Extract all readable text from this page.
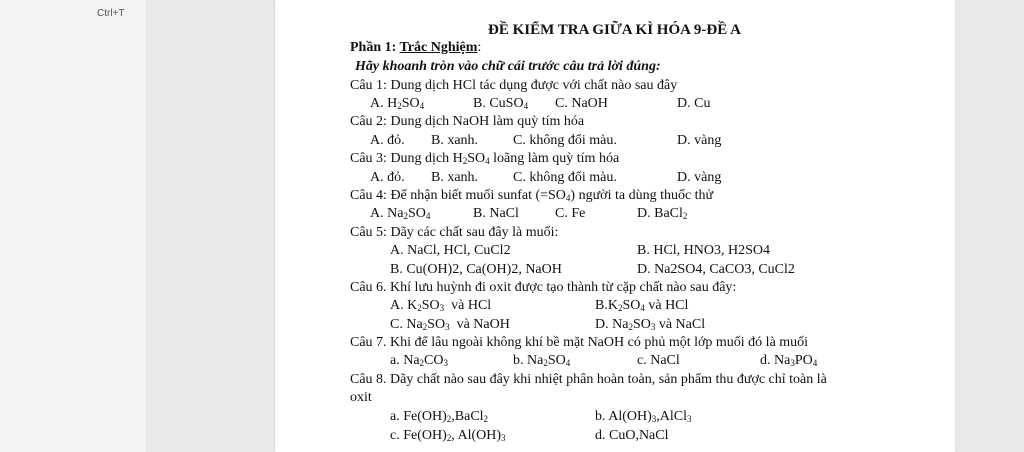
Ctrl+T
ĐỀ KIỂM TRA GIỮA KÌ HÓA 9-ĐỀ A
Phần 1: Trắc Nghiệm:
Hãy khoanh tròn vào chữ cái trước câu trả lời đúng:
Câu 1: Dung dịch HCl tác dụng được với chất nào sau đây
A. $H_2SO_4$	B. CuSO$_4$ C. NaOH	D. Cu
Câu 2: Dung dịch NaOH làm quỳ tím hóa
A. đỏ. B. xanh. C. không đổi màu.	D. vàng
Câu 3: Dung dịch $H_2SO_4$ loãng làm quỳ tím hóa
A. đỏ. B. xanh. C. không đổi màu.	D. vàng
Câu 4: Để nhận biết muối sunfat $(=SO_4)$ người ta dùng thuốc thử
A. $Na_2SO_4$	B. NaCl	C. Fe	D. BaCl$_2$
Câu 5: Dãy các chất sau đây là muối:
A. NaCl, HCl, CuCl2	B. HCl, HNO3, H2SO4
B. Cu(OH)2, Ca(OH)2, NaOH	D. Na2SO4, CaCO3, CuCl2
Câu 6. Khí lưu huỳnh đi oxit được tạo thành từ cặp chất nào sau đây:
A. $K_2SO_3$  và HCl	$B.K_2SO_4$ và HCl
C. $Na_2SO_3$  và NaOH	D. $Na_2SO_3$ và NaCl
Câu 7. Khi để lâu ngoài không khí bề mặt NaOH có phủ một lớp muối đó là muối
a. $Na_2CO_3$	b. $Na_2SO_4$	c. NaCl	d. $Na_3PO_4$
Câu 8. Dãy chất nào sau đây khi nhiệt phân hoàn toàn, sản phẩm thu được chỉ toàn là
oxit
a. $Fe(OH)_2,BaCl_2$	b. $Al(OH)_3,AlCl_3$
c. $Fe(OH)_2$, $Al(OH)_3$	d. CuO,NaCl
